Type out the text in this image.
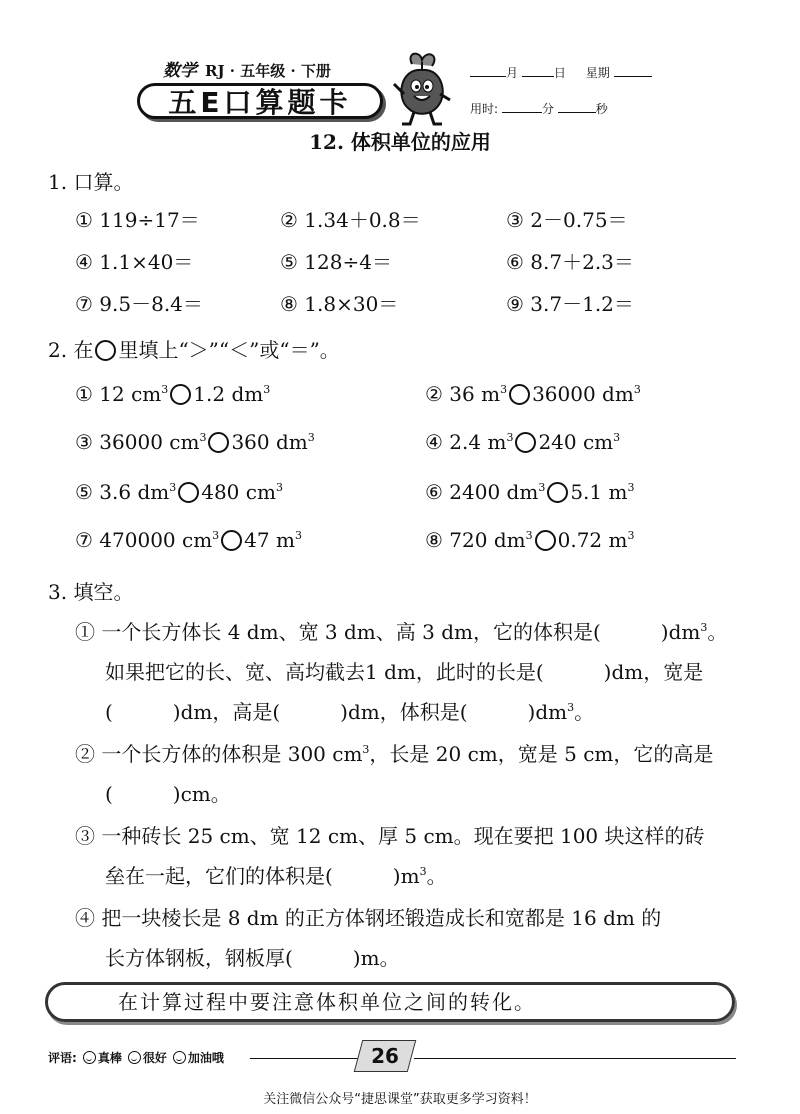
数学 RJ · 五年级 · 下册
五E口算题卡
月	日 星期
用时:	分	秒
12. 体积单位的应用
1. 口算。
① 119÷17＝	② 1.34＋0.8＝	③ 2－0.75＝
④ 1.1×40＝	⑤ 128÷4＝	⑥ 8.7＋2.3＝
⑦ 9.5－8.4＝	⑧ 1.8×30＝	⑨ 3.7－1.2＝
2. 在 里填上“＞”“＜”或“＝”。
① 12 $cm^3$ 1.2 $dm^3$	② 36 $m^3$ 36000 $dm^3$
③ 36000 $cm^3$ 360 $dm^3$	④ 2.4 $m^3$ 240 $cm^3$
⑤ 3.6 $dm^3$ 480 $cm^3$	⑥ 2400 $dm^3$ 5.1 $m^3$
⑦ 470000 $cm^3$ 47 $m^3$	⑧ 720 $dm^3$ 0.72 $m^3$
3. 填空。
① 一个长方体长 4 dm、宽 3 dm、高 3 dm，它的体积是(　　　)$dm^3$。
如果把它的长、宽、高均截去1 dm，此时的长是(　　　)dm，宽是
(　　　)dm，高是(　　　)dm，体积是(　　　)$dm^3$。
② 一个长方体的体积是 300 $cm^3$，长是 20 cm，宽是 5 cm，它的高是
(　　　)cm。
③ 一种砖长 25 cm、宽 12 cm、厚 5 cm。现在要把 100 块这样的砖
垒在一起，它们的体积是(　　　)$m^3$。
④ 把一块棱长是 8 dm 的正方体钢坯锻造成长和宽都是 16 dm 的
长方体钢板，钢板厚(　　　)m。
在计算过程中要注意体积单位之间的转化。
评语: 真棒 很好 加油哦	26
关注微信公众号“捷思课堂”获取更多学习资料！
